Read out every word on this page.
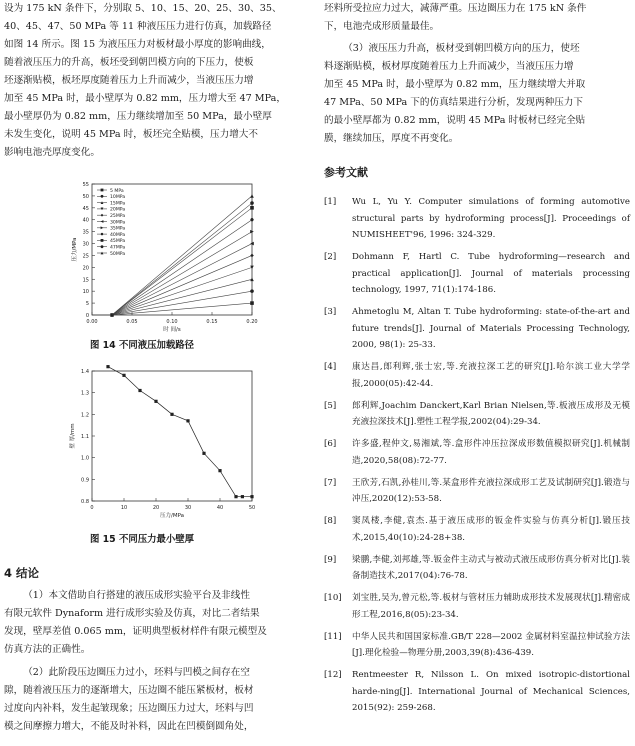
设为 175 kN 条件下，分别取 5、10、15、20、25、30、35、
40、45、47、50 MPa 等 11 种液压压力进行仿真，加载路径
如图 14 所示。图 15 为液压压力对板材最小厚度的影响曲线，
随着液压压力的升高，板坯受到朝凹模方向的下压力，使板
坯逐渐贴模，板坯厚度随着压力上升而减少，当液压压力增
加至 45 MPa 时，最小壁厚为 0.82 mm，压力增大至 47 MPa，
最小壁厚仍为 0.82 mm，压力继续增加至 50 MPa，最小壁厚
未发生变化，说明 45 MPa 时，板坯完全贴模，压力增大不
影响电池壳厚度变化。
0
5
10
15
20
25
30
35
40
45
50
55
0.00	0.05	0.10	0.15	0.20
时 间/s
压力/MPa
5 MPa
10MPa
15MPa
20MPa
25MPa
30MPa
35MPa
40MPa
45MPa
47MPa
50MPa
图 14 不同液压加载路径
0.8
0.9
1.0
1.1
1.2
1.3
1.4
0	10	20	30	40	50
压力/MPa
壁 厚/mm
图 15 不同压力最小壁厚
4 结论
（1）本文借助自行搭建的液压成形实验平台及非线性
有限元软件 Dynaform 进行成形实验及仿真，对比二者结果
发现，壁厚差值 0.065 mm，证明典型板材样件有限元模型及
仿真方法的正确性。
（2）此阶段压边圈压力过小，坯料与凹模之间存在空
隙，随着液压压力的逐渐增大，压边圈不能压紧板材，板材
过度向内补料，发生起皱现象；压边圈压力过大，坯料与凹
模之间摩擦力增大，不能及时补料，因此在凹模倒圆角处，
坯料所受拉应力过大，减薄严重。压边圈压力在 175 kN 条件
下，电池壳成形质量最佳。
（3）液压压力升高，板材受到朝凹模方向的压力，使坯
料逐渐贴模，板材厚度随着压力上升而减少，当液压压力增
加至 45 MPa 时，最小壁厚为 0.82 mm，压力继续增大并取
47 MPa、50 MPa 下的仿真结果进行分析，发现两种压力下
的最小壁厚都为 0.82 mm，说明 45 MPa 时板材已经完全贴
膜，继续加压，厚度不再变化。
参考文献
[1]	Wu L, Yu Y. Computer simulations of forming automotive structural parts by hydroforming process[J]. Proceedings of NUMISHEET'96, 1996: 324-329.
[2]	Dohmann F, Hartl C. Tube hydroforming—research and practical application[J]. Journal of materials processing technology, 1997, 71(1):174-186.
[3]	Ahmetoglu M, Altan T. Tube hydroforming: state-of-the-art and future trends[J]. Journal of Materials Processing Technology, 2000, 98(1): 25-33.
[4]	康达昌,郎利辉,张士宏,等.充液拉深工艺的研究[J].哈尔滨工业大学学报,2000(05):42-44.
[5]	郎利辉,Joachim Danckert,Karl Brian Nielsen,等.板液压成形及无模充液拉深技术[J].塑性工程学报,2002(04):29-34.
[6]	许多盛,程仲文,易湘斌,等.盒形件冲压拉深成形数值模拟研究[J].机械制造,2020,58(08):72-77.
[7]	王欣芳,石凯,孙桂川,等.某盒形件充液拉深成形工艺及试制研究[J].锻造与冲压,2020(12):53-58.
[8]	窦凤楼,李健,袁杰.基于液压成形的钣金件实验与仿真分析[J].锻压技术,2015,40(10):24-28+38.
[9]	梁鹏,李健,刘邦雄,等.钣金件主动式与被动式液压成形仿真分析对比[J].装备制造技术,2017(04):76-78.
[10]	刘宝胜,吴为,曾元松,等.板材与管材压力辅助成形技术发展现状[J].精密成形工程,2016,8(05):23-34.
[11]	中华人民共和国国家标准.GB/T 228—2002 金属材料室温拉伸试验方法[J].理化检验—物理分册,2003,39(8):436-439.
[12]	Rentmeester R, Nilsson L. On mixed isotropic-distortional harde-ning[J]. International Journal of Mechanical Sciences, 2015(92): 259-268.
